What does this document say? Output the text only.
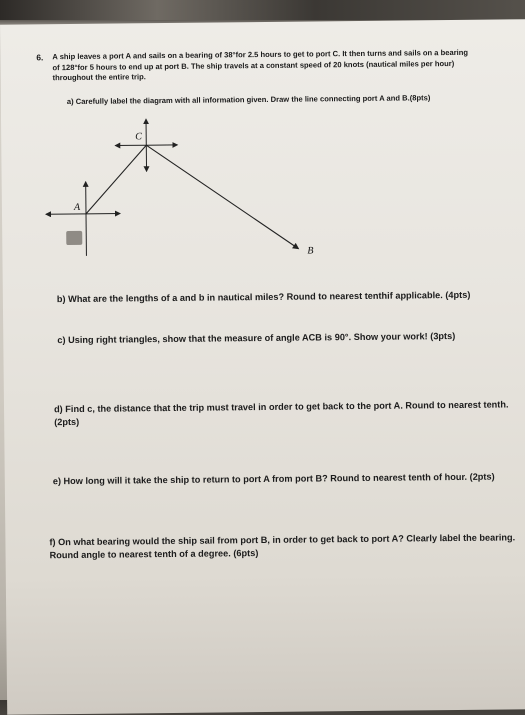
6. A ship leaves a port A and sails on a bearing of 38°for 2.5 hours to get to port C. It then turns and sails on a bearing of 128°for 5 hours to end up at port B. The ship travels at a constant speed of 20 knots (nautical miles per hour) throughout the entire trip.
a) Carefully label the diagram with all information given. Draw the line connecting port A and B.(8pts)
A
C
B
b) What are the lengths of a and b in nautical miles? Round to nearest tenthif applicable. (4pts)
c) Using right triangles, show that the measure of angle ACB is 90°. Show your work! (3pts)
d) Find c, the distance that the trip must travel in order to get back to the port A. Round to nearest tenth. (2pts)
e) How long will it take the ship to return to port A from port B? Round to nearest tenth of hour. (2pts)
f) On what bearing would the ship sail from port B, in order to get back to port A? Clearly label the bearing. Round angle to nearest tenth of a degree. (6pts)
